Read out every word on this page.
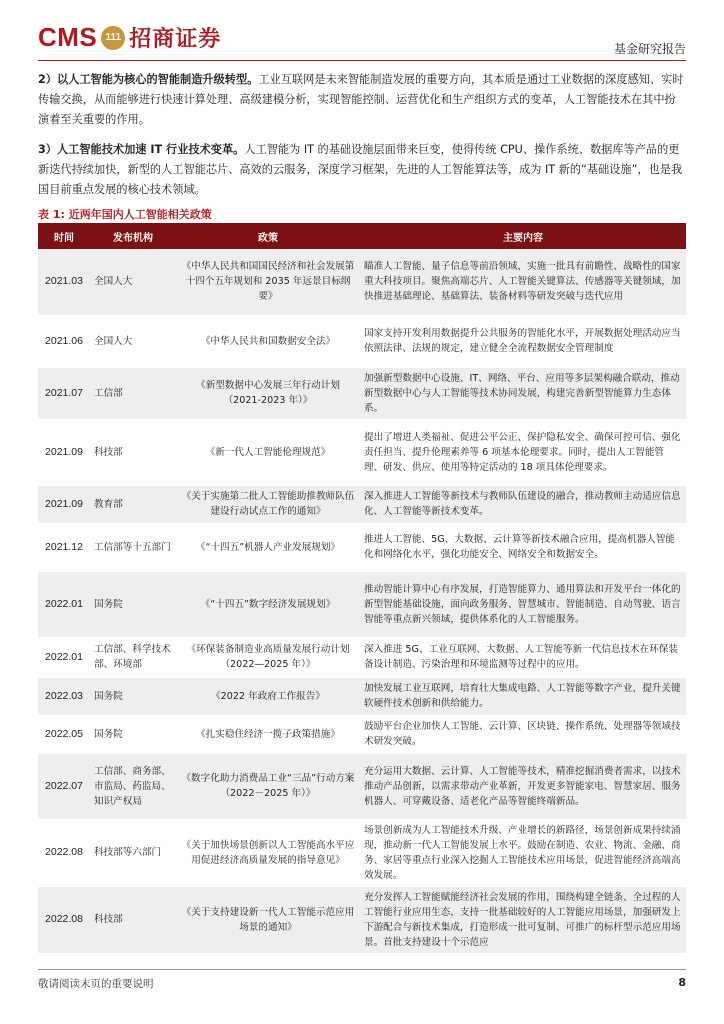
CMS 111 招商证券	基金研究报告
2）以人工智能为核心的智能制造升级转型。工业互联网是未来智能制造发展的重要方向，其本质是通过工业数据的深度感知、实时传输交换，从而能够进行快速计算处理、高级建模分析，实现智能控制、运营优化和生产组织方式的变革，人工智能技术在其中扮演着至关重要的作用。
3）人工智能技术加速 IT 行业技术变革。人工智能为 IT 的基础设施层面带来巨变，使得传统 CPU、操作系统、数据库等产品的更新迭代持续加快，新型的人工智能芯片、高效的云服务，深度学习框架，先进的人工智能算法等，成为 IT 新的“基础设施”，也是我国目前重点发展的核心技术领域。
表 1: 近两年国内人工智能相关政策
时间	发布机构	政策	主要内容
2021.03	全国人大	《中华人民共和国国民经济和社会发展第十四个五年规划和 2035 年远景目标纲要》	瞄准人工智能、量子信息等前沿领域，实施一批具有前瞻性、战略性的国家重大科技项目。聚焦高端芯片、人工智能关键算法、传感器等关键领域，加快推进基础理论、基础算法、装备材料等研发突破与迭代应用
2021.06	全国人大	《中华人民共和国数据安全法》	国家支持开发利用数据提升公共服务的智能化水平，开展数据处理活动应当依照法律、法规的规定，建立健全全流程数据安全管理制度
2021.07	工信部	《新型数据中心发展三年行动计划（2021-2023 年）》	加强新型数据中心设施、IT、网络、平台、应用等多层架构融合联动，推动新型数据中心与人工智能等技术协同发展，构建完善新型智能算力生态体系。
2021.09	科技部	《新一代人工智能伦理规范》	提出了增进人类福祉、促进公平公正、保护隐私安全、确保可控可信、强化责任担当、提升伦理素养等 6 项基本伦理要求。同时，提出人工智能管理、研发、供应、使用等特定活动的 18 项具体伦理要求。
2021.09	教育部	《关于实施第二批人工智能助推教师队伍建设行动试点工作的通知》	深入推进人工智能等新技术与教师队伍建设的融合，推动教师主动适应信息化、人工智能等新技术变革。
2021.12	工信部等十五部门	《“十四五”机器人产业发展规划》	推进人工智能、5G、大数据、云计算等新技术融合应用，提高机器人智能化和网络化水平，强化功能安全、网络安全和数据安全。
2022.01	国务院	《“十四五”数字经济发展规划》	推动智能计算中心有序发展，打造智能算力、通用算法和开发平台一体化的新型智能基础设施，面向政务服务、智慧城市、智能制造、自动驾驶、语言智能等重点新兴领域，提供体系化的人工智能服务。
2022.01	工信部、科学技术部、环境部	《环保装备制造业高质量发展行动计划（2022—2025 年）》	深入推进 5G、工业互联网、大数据、人工智能等新一代信息技术在环保装备设计制造、污染治理和环境监测等过程中的应用。
2022.03	国务院	《2022 年政府工作报告》	加快发展工业互联网，培育壮大集成电路、人工智能等数字产业，提升关键软硬件技术创新和供给能力。
2022.05	国务院	《扎实稳住经济一揽子政策措施》	鼓励平台企业加快人工智能、云计算、区块链、操作系统、处理器等领域技术研发突破。
2022.07	工信部、商务部、市监局、药监局、知识产权局	《数字化助力消费品工业“三品”行动方案（2022－2025 年）》	充分运用大数据、云计算、人工智能等技术，精准挖掘消费者需求，以技术推动产品创新，以需求带动产业革新，开发更多智能家电、智慧家居、服务机器人、可穿戴设备、适老化产品等智能终端新品。
2022.08	科技部等六部门	《关于加快场景创新以人工智能高水平应用促进经济高质量发展的指导意见》	场景创新成为人工智能技术升级、产业增长的新路径，场景创新成果持续涌现，推动新一代人工智能发展上水平。鼓励在制造、农业、物流、金融、商务、家居等重点行业深入挖掘人工智能技术应用场景，促进智能经济高端高效发展。
2022.08	科技部	《关于支持建设新一代人工智能示范应用场景的通知》	充分发挥人工智能赋能经济社会发展的作用，围绕构建全链条、全过程的人工智能行业应用生态，支持一批基础较好的人工智能应用场景，加强研发上下游配合与新技术集成，打造形成一批可复制、可推广的标杆型示范应用场景。首批支持建设十个示范应
敬请阅读末页的重要说明	8
